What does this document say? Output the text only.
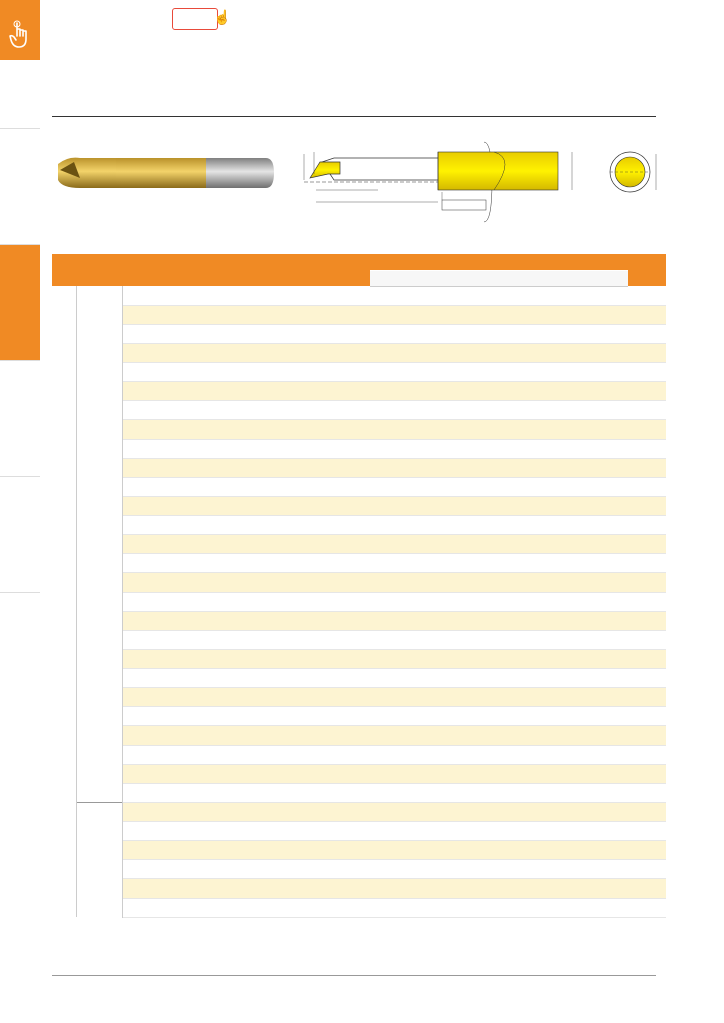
☝
